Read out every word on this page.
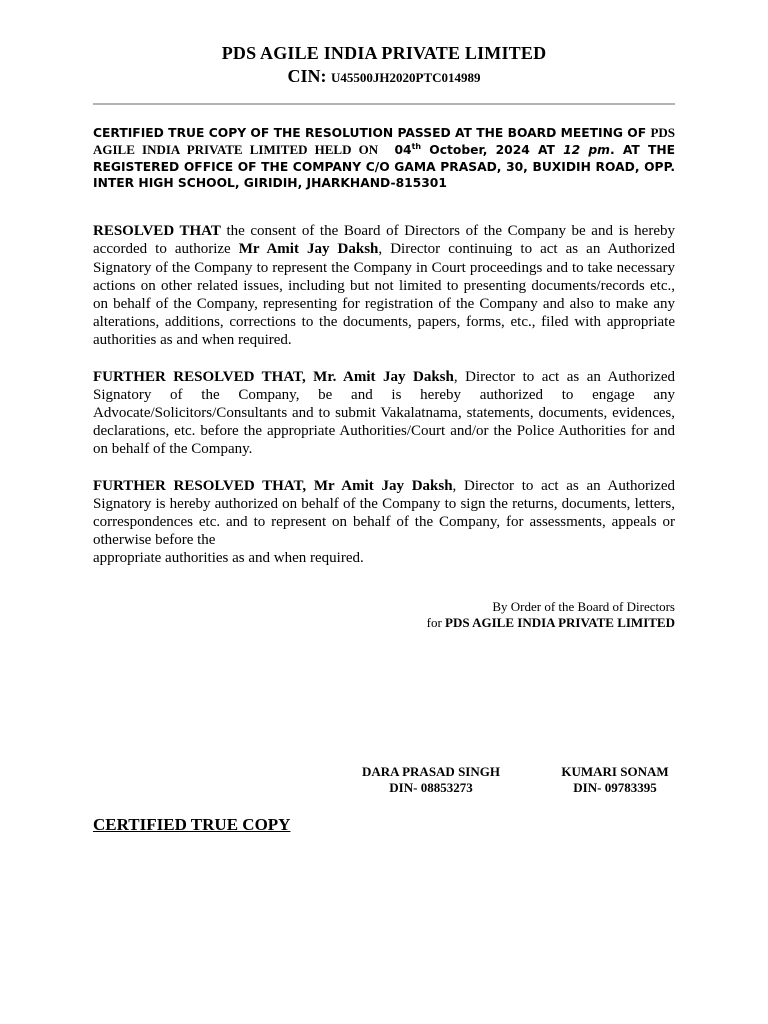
PDS AGILE INDIA PRIVATE LIMITED
CIN: U45500JH2020PTC014989
CERTIFIED TRUE COPY OF THE RESOLUTION PASSED AT THE BOARD MEETING OF PDS AGILE INDIA PRIVATE LIMITED HELD ON 04th October, 2024 AT 12 pm. AT THE REGISTERED OFFICE OF THE COMPANY C/O GAMA PRASAD, 30, BUXIDIH ROAD, OPP. INTER HIGH SCHOOL, GIRIDIH, JHARKHAND-815301

RESOLVED THAT the consent of the Board of Directors of the Company be and is hereby accorded to authorize Mr Amit Jay Daksh, Director continuing to act as an Authorized Signatory of the Company to represent the Company in Court proceedings and to take necessary actions on other related issues, including but not limited to presenting documents/records etc., on behalf of the Company, representing for registration of the Company and also to make any alterations, additions, corrections to the documents, papers, forms, etc., filed with appropriate authorities as and when required.

FURTHER RESOLVED THAT, Mr. Amit Jay Daksh, Director to act as an Authorized Signatory of the Company, be and is hereby authorized to engage any Advocate/Solicitors/Consultants and to submit Vakalatnama, statements, documents, evidences, declarations, etc. before the appropriate Authorities/Court and/or the Police Authorities for and on behalf of the Company.

FURTHER RESOLVED THAT, Mr Amit Jay Daksh, Director to act as an Authorized Signatory is hereby authorized on behalf of the Company to sign the returns, documents, letters, correspondences etc. and to represent on behalf of the Company, for assessments, appeals or otherwise before the

appropriate authorities as and when required.

By Order of the Board of Directors
for PDS AGILE INDIA PRIVATE LIMITED
DARA PRASAD SINGH
DIN- 08853273
KUMARI SONAM
DIN- 09783395
CERTIFIED TRUE COPY
